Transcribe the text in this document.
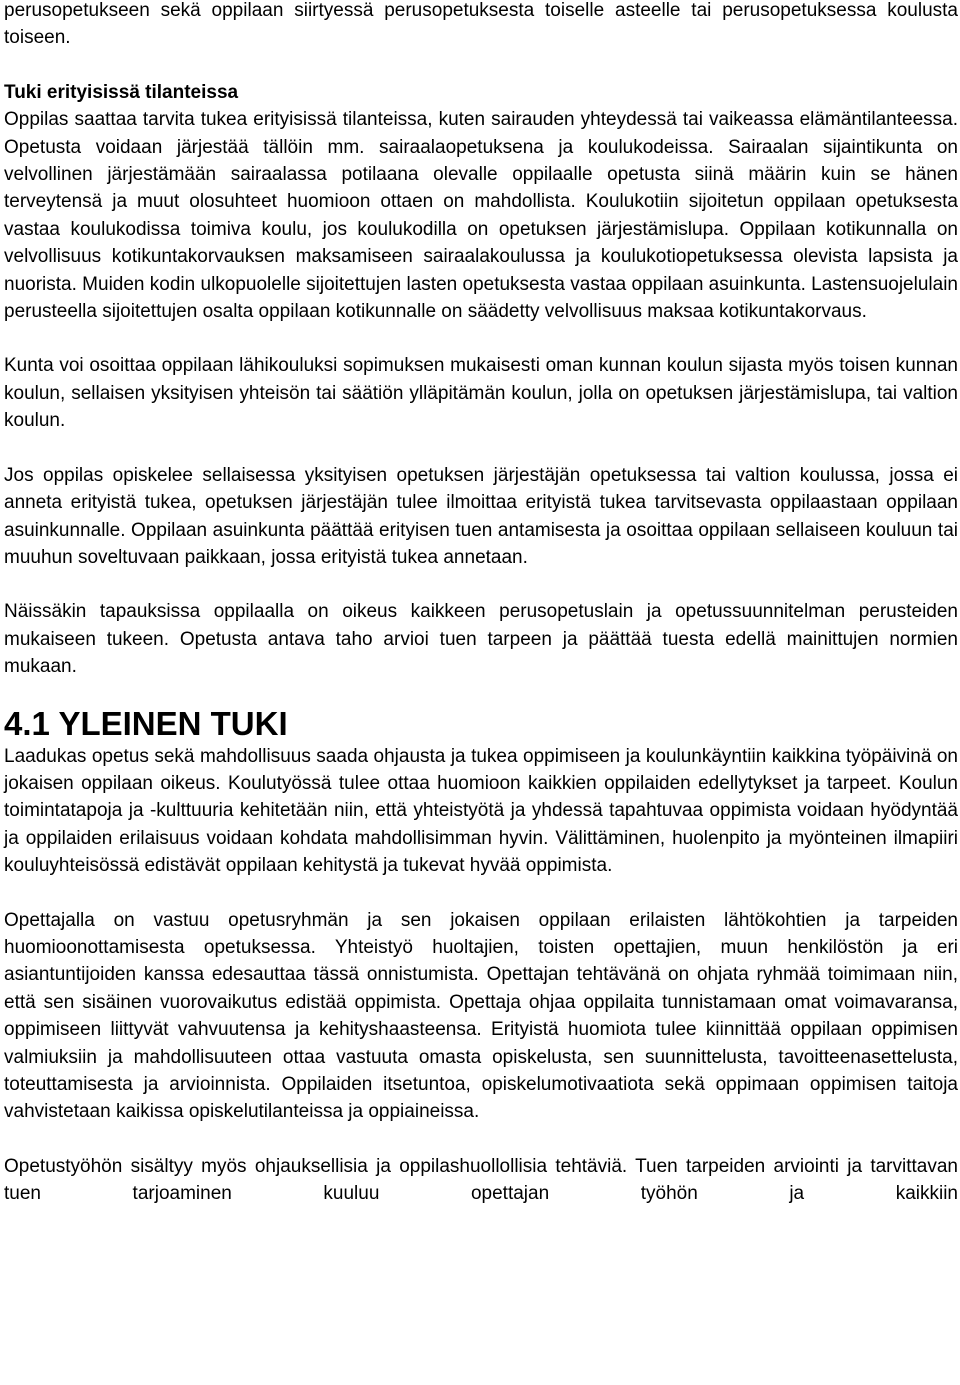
perusopetukseen sekä oppilaan siirtyessä perusopetuksesta toiselle asteelle tai perusopetuksessa koulusta toiseen.

Tuki erityisissä tilanteissa
Oppilas saattaa tarvita tukea erityisissä tilanteissa, kuten sairauden yhteydessä tai vaikeassa elämäntilanteessa. Opetusta voidaan järjestää tällöin mm. sairaalaopetuksena ja koulukodeissa. Sairaalan sijaintikunta on velvollinen järjestämään sairaalassa potilaana olevalle oppilaalle opetusta siinä määrin kuin se hänen terveytensä ja muut olosuhteet huomioon ottaen on mahdollista. Koulukotiin sijoitetun oppilaan opetuksesta vastaa koulukodissa toimiva koulu, jos koulukodilla on opetuksen järjestämislupa. Oppilaan kotikunnalla on velvollisuus kotikuntakorvauksen maksamiseen sairaalakoulussa ja koulukotiopetuksessa olevista lapsista ja nuorista. Muiden kodin ulkopuolelle sijoitettujen lasten opetuksesta vastaa oppilaan asuinkunta. Lastensuojelulain perusteella sijoitettujen osalta oppilaan kotikunnalle on säädetty velvollisuus maksaa kotikuntakorvaus.

Kunta voi osoittaa oppilaan lähikouluksi sopimuksen mukaisesti oman kunnan koulun sijasta myös toisen kunnan koulun, sellaisen yksityisen yhteisön tai säätiön ylläpitämän koulun, jolla on opetuksen järjestämislupa, tai valtion koulun.

Jos oppilas opiskelee sellaisessa yksityisen opetuksen järjestäjän opetuksessa tai valtion koulussa, jossa ei anneta erityistä tukea, opetuksen järjestäjän tulee ilmoittaa erityistä tukea tarvitsevasta oppilaastaan oppilaan asuinkunnalle. Oppilaan asuinkunta päättää erityisen tuen antamisesta ja osoittaa oppilaan sellaiseen kouluun tai muuhun soveltuvaan paikkaan, jossa erityistä tukea annetaan.

Näissäkin tapauksissa oppilaalla on oikeus kaikkeen perusopetuslain ja opetussuunnitelman perusteiden mukaiseen tukeen. Opetusta antava taho arvioi tuen tarpeen ja päättää tuesta edellä mainittujen normien mukaan.

4.1 YLEINEN TUKI

Laadukas opetus sekä mahdollisuus saada ohjausta ja tukea oppimiseen ja koulunkäyntiin kaikkina työpäivinä on jokaisen oppilaan oikeus. Koulutyössä tulee ottaa huomioon kaikkien oppilaiden edellytykset ja tarpeet. Koulun toimintatapoja ja -kulttuuria kehitetään niin, että yhteistyötä ja yhdessä tapahtuvaa oppimista voidaan hyödyntää ja oppilaiden erilaisuus voidaan kohdata mahdollisimman hyvin. Välittäminen, huolenpito ja myönteinen ilmapiiri kouluyhteisössä edistävät oppilaan kehitystä ja tukevat hyvää oppimista.

Opettajalla on vastuu opetusryhmän ja sen jokaisen oppilaan erilaisten lähtökohtien ja tarpeiden huomioonottamisesta opetuksessa. Yhteistyö huoltajien, toisten opettajien, muun henkilöstön ja eri asiantuntijoiden kanssa edesauttaa tässä onnistumista. Opettajan tehtävänä on ohjata ryhmää toimimaan niin, että sen sisäinen vuorovaikutus edistää oppimista. Opettaja ohjaa oppilaita tunnistamaan omat voimavaransa, oppimiseen liittyvät vahvuutensa ja kehityshaasteensa. Erityistä huomiota tulee kiinnittää oppilaan oppimisen valmiuksiin ja mahdollisuuteen ottaa vastuuta omasta opiskelusta, sen suunnittelusta, tavoitteenasettelusta, toteuttamisesta ja arvioinnista. Oppilaiden itsetuntoa, opiskelumotivaatiota sekä oppimaan oppimisen taitoja vahvistetaan kaikissa opiskelutilanteissa ja oppiaineissa.

Opetustyöhön sisältyy myös ohjauksellisia ja oppilashuollollisia tehtäviä. Tuen tarpeiden arviointi ja tarvittavan tuen tarjoaminen kuuluu opettajan työhön ja kaikkiin
